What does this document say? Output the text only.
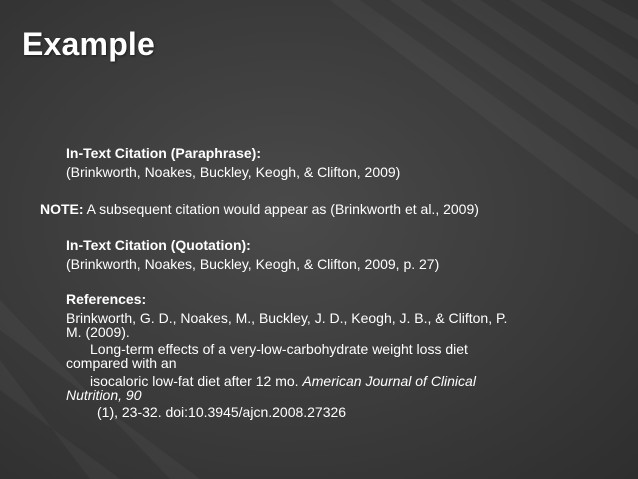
Example
In-Text Citation (Paraphrase):
(Brinkworth, Noakes, Buckley, Keogh, & Clifton, 2009)
NOTE: A subsequent citation would appear as (Brinkworth et al., 2009)
In-Text Citation (Quotation):
(Brinkworth, Noakes, Buckley, Keogh, & Clifton, 2009, p. 27)
References:
Brinkworth, G. D., Noakes, M., Buckley, J. D., Keogh, J. B., & Clifton, P.
M. (2009).
Long-term effects of a very-low-carbohydrate weight loss diet
compared with an
isocaloric low-fat diet after 12 mo. American Journal of Clinical
Nutrition, 90
(1), 23-32. doi:10.3945/ajcn.2008.27326
